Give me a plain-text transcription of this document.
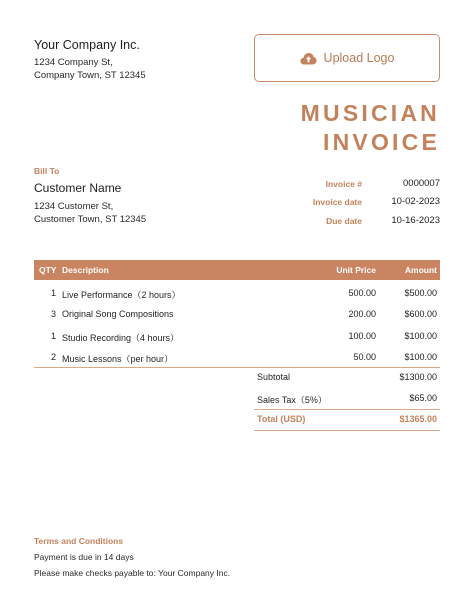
Your Company Inc.
1234 Company St,
Company Town, ST 12345
Upload Logo
MUSICIAN
INVOICE
Bill To
Customer Name
1234 Customer St,
Customer Town, ST 12345
Invoice #	0000007
Invoice date	10-02-2023
Due date	10-16-2023
QTY Description	Unit Price	Amount
1 Live Performance（2 hours）	500.00	$500.00
3 Original Song Compositions	200.00	$600.00
1 Studio Recording（4 hours）	100.00	$100.00
2 Music Lessons（per hour）	50.00	$100.00
Subtotal	$1300.00
Sales Tax（5%）	$65.00
Total (USD)	$1365.00
Terms and Conditions
Payment is due in 14 days
Please make checks payable to: Your Company Inc.
